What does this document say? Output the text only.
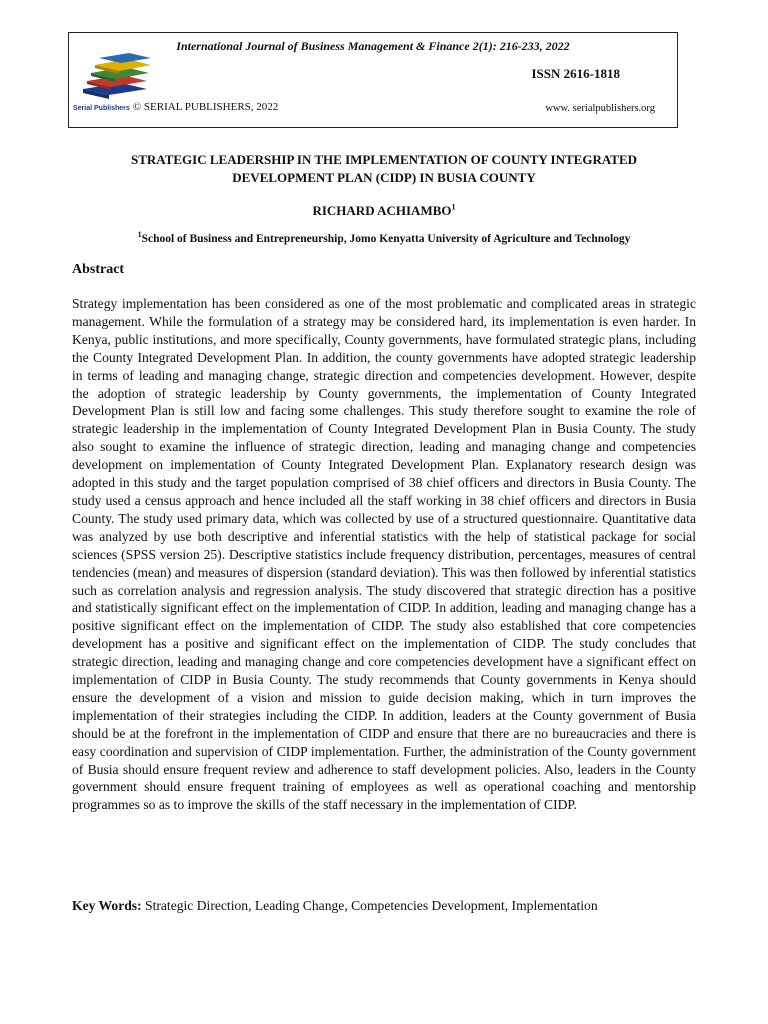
International Journal of Business Management & Finance 2(1): 216-233, 2022
ISSN 2616-1818
Serial Publishers © SERIAL PUBLISHERS, 2022	www. serialpublishers.org
STRATEGIC LEADERSHIP IN THE IMPLEMENTATION OF COUNTY INTEGRATED
DEVELOPMENT PLAN (CIDP) IN BUSIA COUNTY
RICHARD ACHIAMBO$^1$
$^1$School of Business and Entrepreneurship, Jomo Kenyatta University of Agriculture and Technology
Abstract
Strategy implementation has been considered as one of the most problematic and complicated areas in strategic management. While the formulation of a strategy may be considered hard, its implementation is even harder. In Kenya, public institutions, and more specifically, County governments, have formulated strategic plans, including the County Integrated Development Plan. In addition, the county governments have adopted strategic leadership in terms of leading and managing change, strategic direction and competencies development. However, despite the adoption of strategic leadership by County governments, the implementation of County Integrated Development Plan is still low and facing some challenges. This study therefore sought to examine the role of strategic leadership in the implementation of County Integrated Development Plan in Busia County. The study also sought to examine the influence of strategic direction, leading and managing change and competencies development on implementation of County Integrated Development Plan. Explanatory research design was adopted in this study and the target population comprised of 38 chief officers and directors in Busia County. The study used a census approach and hence included all the staff working in 38 chief officers and directors in Busia County. The study used primary data, which was collected by use of a structured questionnaire. Quantitative data was analyzed by use both descriptive and inferential statistics with the help of statistical package for social sciences (SPSS version 25). Descriptive statistics include frequency distribution, percentages, measures of central tendencies (mean) and measures of dispersion (standard deviation). This was then followed by inferential statistics such as correlation analysis and regression analysis. The study discovered that strategic direction has a positive and statistically significant effect on the implementation of CIDP. In addition, leading and managing change has a positive significant effect on the implementation of CIDP. The study also established that core competencies development has a positive and significant effect on the implementation of CIDP. The study concludes that strategic direction, leading and managing change and core competencies development have a significant effect on implementation of CIDP in Busia County. The study recommends that County governments in Kenya should ensure the development of a vision and mission to guide decision making, which in turn improves the implementation of their strategies including the CIDP. In addition, leaders at the County government of Busia should be at the forefront in the implementation of CIDP and ensure that there are no bureaucracies and there is easy coordination and supervision of CIDP implementation. Further, the administration of the County government of Busia should ensure frequent review and adherence to staff development policies. Also, leaders in the County government should ensure frequent training of employees as well as operational coaching and mentorship programmes so as to improve the skills of the staff necessary in the implementation of CIDP.
Key Words: Strategic Direction, Leading Change, Competencies Development, Implementation
